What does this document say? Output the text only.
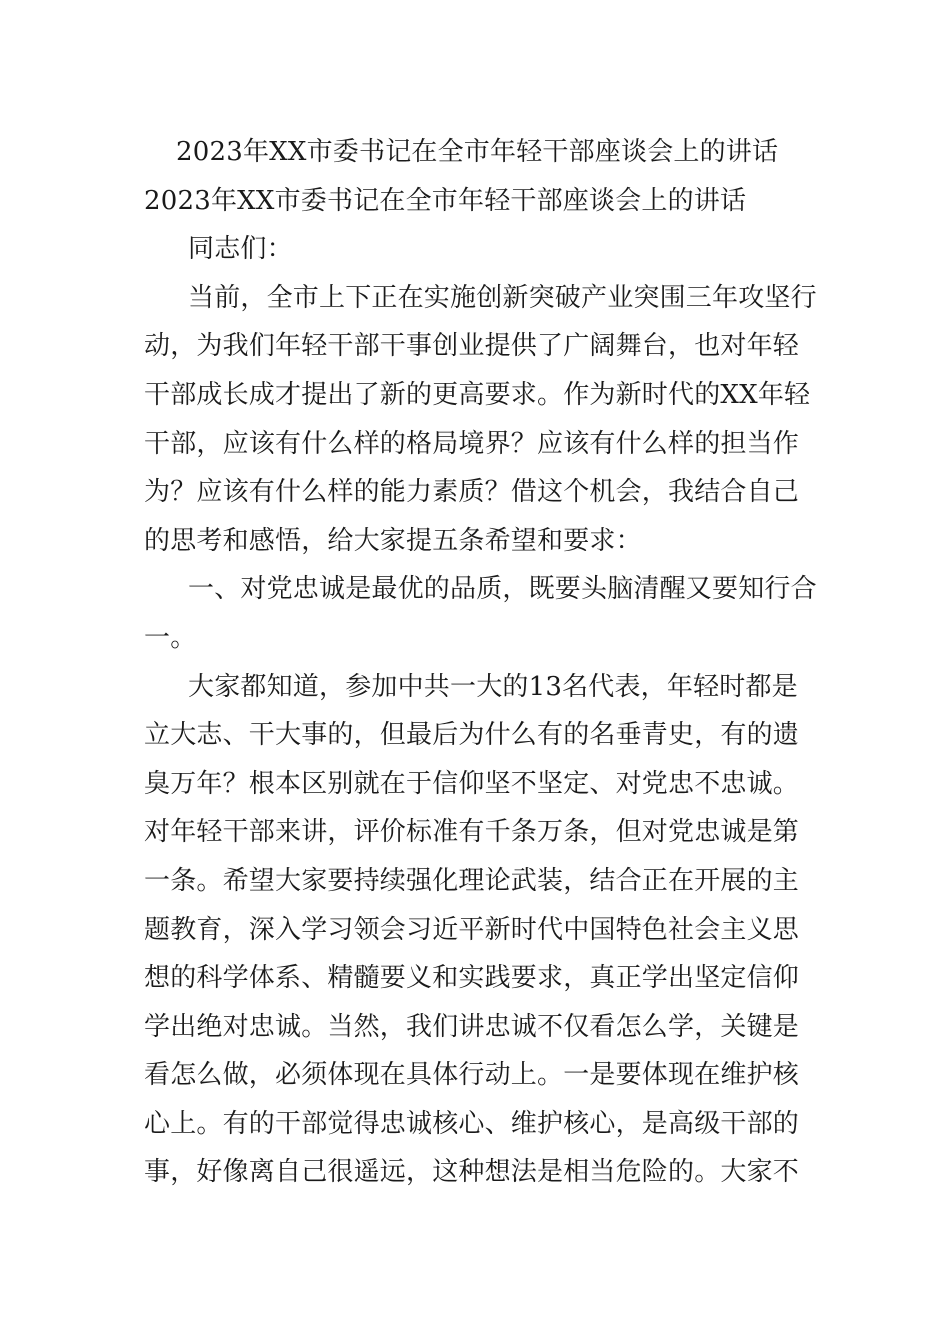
2023年XX市委书记在全市年轻干部座谈会上的讲话
2023年XX市委书记在全市年轻干部座谈会上的讲话
同志们：
当前，全市上下正在实施创新突破产业突围三年攻坚行
动，为我们年轻干部干事创业提供了广阔舞台，也对年轻
干部成长成才提出了新的更高要求。作为新时代的XX年轻
干部，应该有什么样的格局境界？应该有什么样的担当作
为？应该有什么样的能力素质？借这个机会，我结合自己
的思考和感悟，给大家提五条希望和要求：
一、对党忠诚是最优的品质，既要头脑清醒又要知行合
一。
大家都知道，参加中共一大的13名代表，年轻时都是
立大志、干大事的，但最后为什么有的名垂青史，有的遗
臭万年？根本区别就在于信仰坚不坚定、对党忠不忠诚。
对年轻干部来讲，评价标准有千条万条，但对党忠诚是第
一条。希望大家要持续强化理论武装，结合正在开展的主
题教育，深入学习领会习近平新时代中国特色社会主义思
想的科学体系、精髓要义和实践要求，真正学出坚定信仰
学出绝对忠诚。当然，我们讲忠诚不仅看怎么学，关键是
看怎么做，必须体现在具体行动上。一是要体现在维护核
心上。有的干部觉得忠诚核心、维护核心，是高级干部的
事，好像离自己很遥远，这种想法是相当危险的。大家不
